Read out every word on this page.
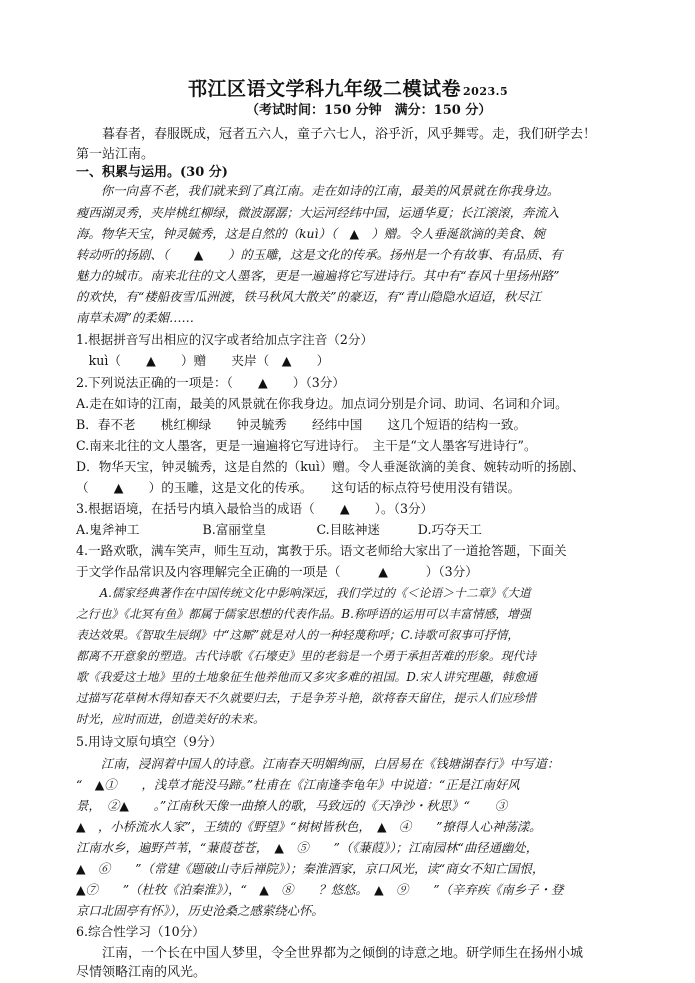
邗江区语文学科九年级二模试卷 2023.5
（考试时间：150 分钟　满分：150 分）
　　暮春者，春服既成，冠者五六人，童子六七人，浴乎沂，风乎舞雩。走，我们研学去！
第一站江南。
一、积累与运用。(30 分)
　　你一向喜不老，我们就来到了真江南。走在如诗的江南，最美的风景就在你我身边。
瘦西湖灵秀，夹岸桃红柳绿，微波潺潺；大运河经纬中国，运通华夏；长江滚滚，奔流入
海。物华天宝，钟灵毓秀，这是自然的（kuì）（　▲　）赠。令人垂涎欲滴的美食、婉
转动听的扬剧、（　　▲　　）的玉雕，这是文化的传承。扬州是一个有故事、有品质、有
魅力的城市。南来北往的文人墨客，更是一遍遍将它写进诗行。其中有“春风十里扬州路”
的欢快，有“楼船夜雪瓜洲渡，铁马秋风大散关”的豪迈，有“青山隐隐水迢迢，秋尽江
南草未凋”的柔媚……
1.根据拼音写出相应的汉字或者给加点字注音（2分）
　kuì（　　▲　　）赠　　夹岸（　▲　　）
2.下列说法正确的一项是：（　　▲　　）（3分）
A.走在如诗的江南，最美的风景就在你我身边。加点词分别是介词、助词、名词和介词。
B．春不老　　桃红柳绿　　钟灵毓秀　　经纬中国　　这几个短语的结构一致。
C.南来北往的文人墨客，更是一遍遍将它写进诗行。　主干是“文人墨客写进诗行”。
D．物华天宝，钟灵毓秀，这是自然的（kuì）赠。令人垂涎欲滴的美食、婉转动听的扬剧、
（　　▲　　）的玉雕，这是文化的传承。　　这句话的标点符号使用没有错误。
3.根据语境，在括号内填入最恰当的成语（　　▲　　）。（3分）
A.鬼斧神工　　　　　B.富丽堂皇　　　　C.目眩神迷　　　D.巧夺天工
4.一路欢歌，满车笑声，师生互动，寓教于乐。语文老师给大家出了一道抢答题，下面关
于文学作品常识及内容理解完全正确的一项是（　　　▲　　　）（3分）
　　A.儒家经典著作在中国传统文化中影响深远，我们学过的《＜论语＞十二章》《大道
之行也》《北冥有鱼》都属于儒家思想的代表作品。B.称呼语的运用可以丰富情感，增强
表达效果。《智取生辰纲》中“这厮”就是对人的一种轻蔑称呼；C.诗歌可叙事可抒情，
都离不开意象的塑造。古代诗歌《石壕吏》里的老翁是一个勇于承担苦难的形象。现代诗
歌《我爱这土地》里的土地象征生他养他而又多灾多难的祖国。D.宋人讲究理趣，韩愈通
过描写花草树木得知春天不久就要归去，于是争芳斗艳，欲将春天留住，提示人们应珍惜
时光，应时而进，创造美好的未来。
5.用诗文原句填空（9分）
　　江南，浸润着中国人的诗意。江南春天明媚绚丽，白居易在《钱塘湖春行》中写道：
“　▲①　　，浅草才能没马蹄。”杜甫在《江南逢李龟年》中说道：“正是江南好风
景，　②▲　　。”江南秋天像一曲撩人的歌，马致远的《天净沙・秋思》“　　③
▲　，小桥流水人家”，王绩的《野望》“树树皆秋色，　▲　④　　”撩得人心神荡漾。
江南水乡，遍野芦苇，“蒹葭苍苍，　▲　⑤　　”（《蒹葭》）；江南园林“曲径通幽处，
▲　⑥　　”（常建《题破山寺后禅院》）；秦淮酒家，京口风光，读“商女不知亡国恨，
▲⑦　　”（杜牧《泊秦淮》），“　▲　⑧　　？悠悠。　▲　⑨　　”（辛弃疾《南乡子・登
京口北固亭有怀》），历史沧桑之感萦绕心怀。
6.综合性学习（10分）
　　江南，一个长在中国人梦里，令全世界都为之倾倒的诗意之地。研学师生在扬州小城
尽情领略江南的风光。
